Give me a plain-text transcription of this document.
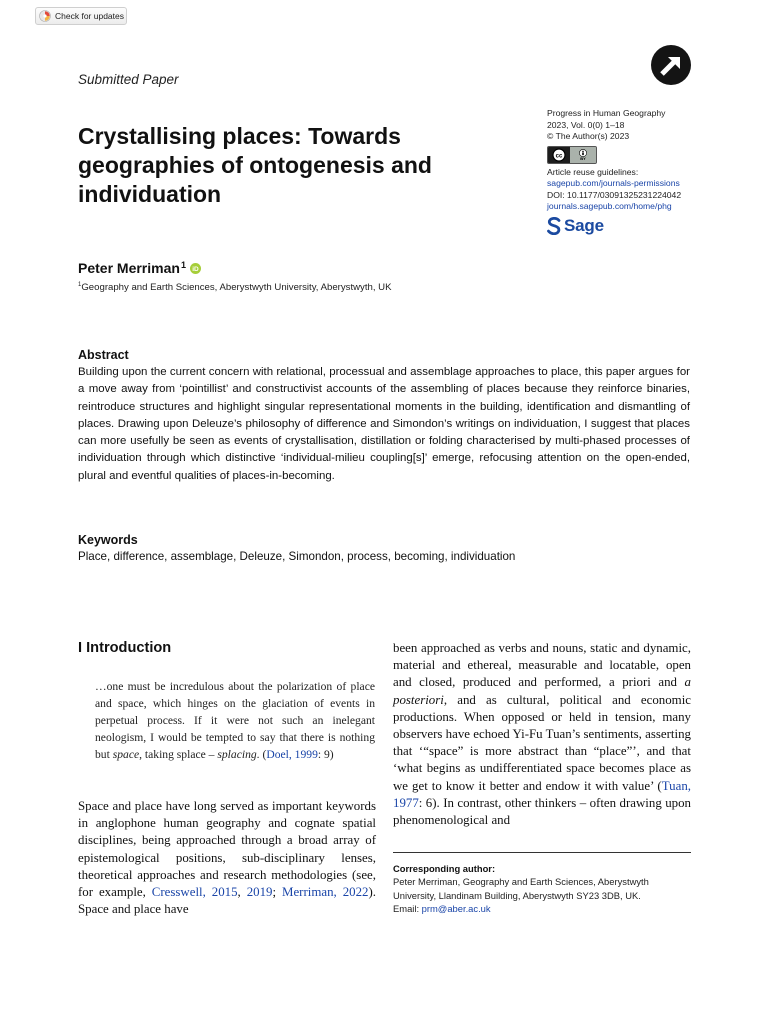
Check for updates
Submitted Paper
Crystallising places: Towards geographies of ontogenesis and individuation
Progress in Human Geography
2023, Vol. 0(0) 1–18
© The Author(s) 2023
cc	BY
Article reuse guidelines:
sagepub.com/journals-permissions
DOI: 10.1177/03091325231224042
journals.sagepub.com/home/phg
Sage
Peter Merriman$^1$ iD
$^1$Geography and Earth Sciences, Aberystwyth University, Aberystwyth, UK
Abstract
Building upon the current concern with relational, processual and assemblage approaches to place, this paper argues for a move away from ‘pointillist’ and constructivist accounts of the assembling of places because they reinforce binaries, reintroduce structures and highlight singular representational moments in the building, identification and dismantling of places. Drawing upon Deleuze’s philosophy of difference and Simondon’s writings on individuation, I suggest that places can more usefully be seen as events of crystallisation, distillation or folding characterised by multi-phased processes of individuation through which distinctive ‘individual-milieu coupling[s]’ emerge, refocusing attention on the open-ended, plural and eventful qualities of places-in-becoming.
Keywords
Place, difference, assemblage, Deleuze, Simondon, process, becoming, individuation
I Introduction
…one must be incredulous about the polarization of place and space, which hinges on the glaciation of events in perpetual process. If it were not such an inelegant neologism, I would be tempted to say that there is nothing but space, taking splace – splacing. (Doel, 1999: 9)
Space and place have long served as important keywords in anglophone human geography and cognate spatial disciplines, being approached through a broad array of epistemological positions, sub-disciplinary lenses, theoretical approaches and research methodologies (see, for example, Cresswell, 2015, 2019; Merriman, 2022). Space and place have
been approached as verbs and nouns, static and dynamic, material and ethereal, measurable and locatable, open and closed, produced and performed, a priori and a posteriori, and as cultural, political and economic productions. When opposed or held in tension, many observers have echoed Yi-Fu Tuan’s sentiments, asserting that ‘“space” is more abstract than “place”’, and that ‘what begins as undifferentiated space becomes place as we get to know it better and endow it with value’ (Tuan, 1977: 6). In contrast, other thinkers – often drawing upon phenomenological and
Corresponding author:
Peter Merriman, Geography and Earth Sciences, Aberystwyth University, Llandinam Building, Aberystwyth SY23 3DB, UK.
Email: prm@aber.ac.uk
